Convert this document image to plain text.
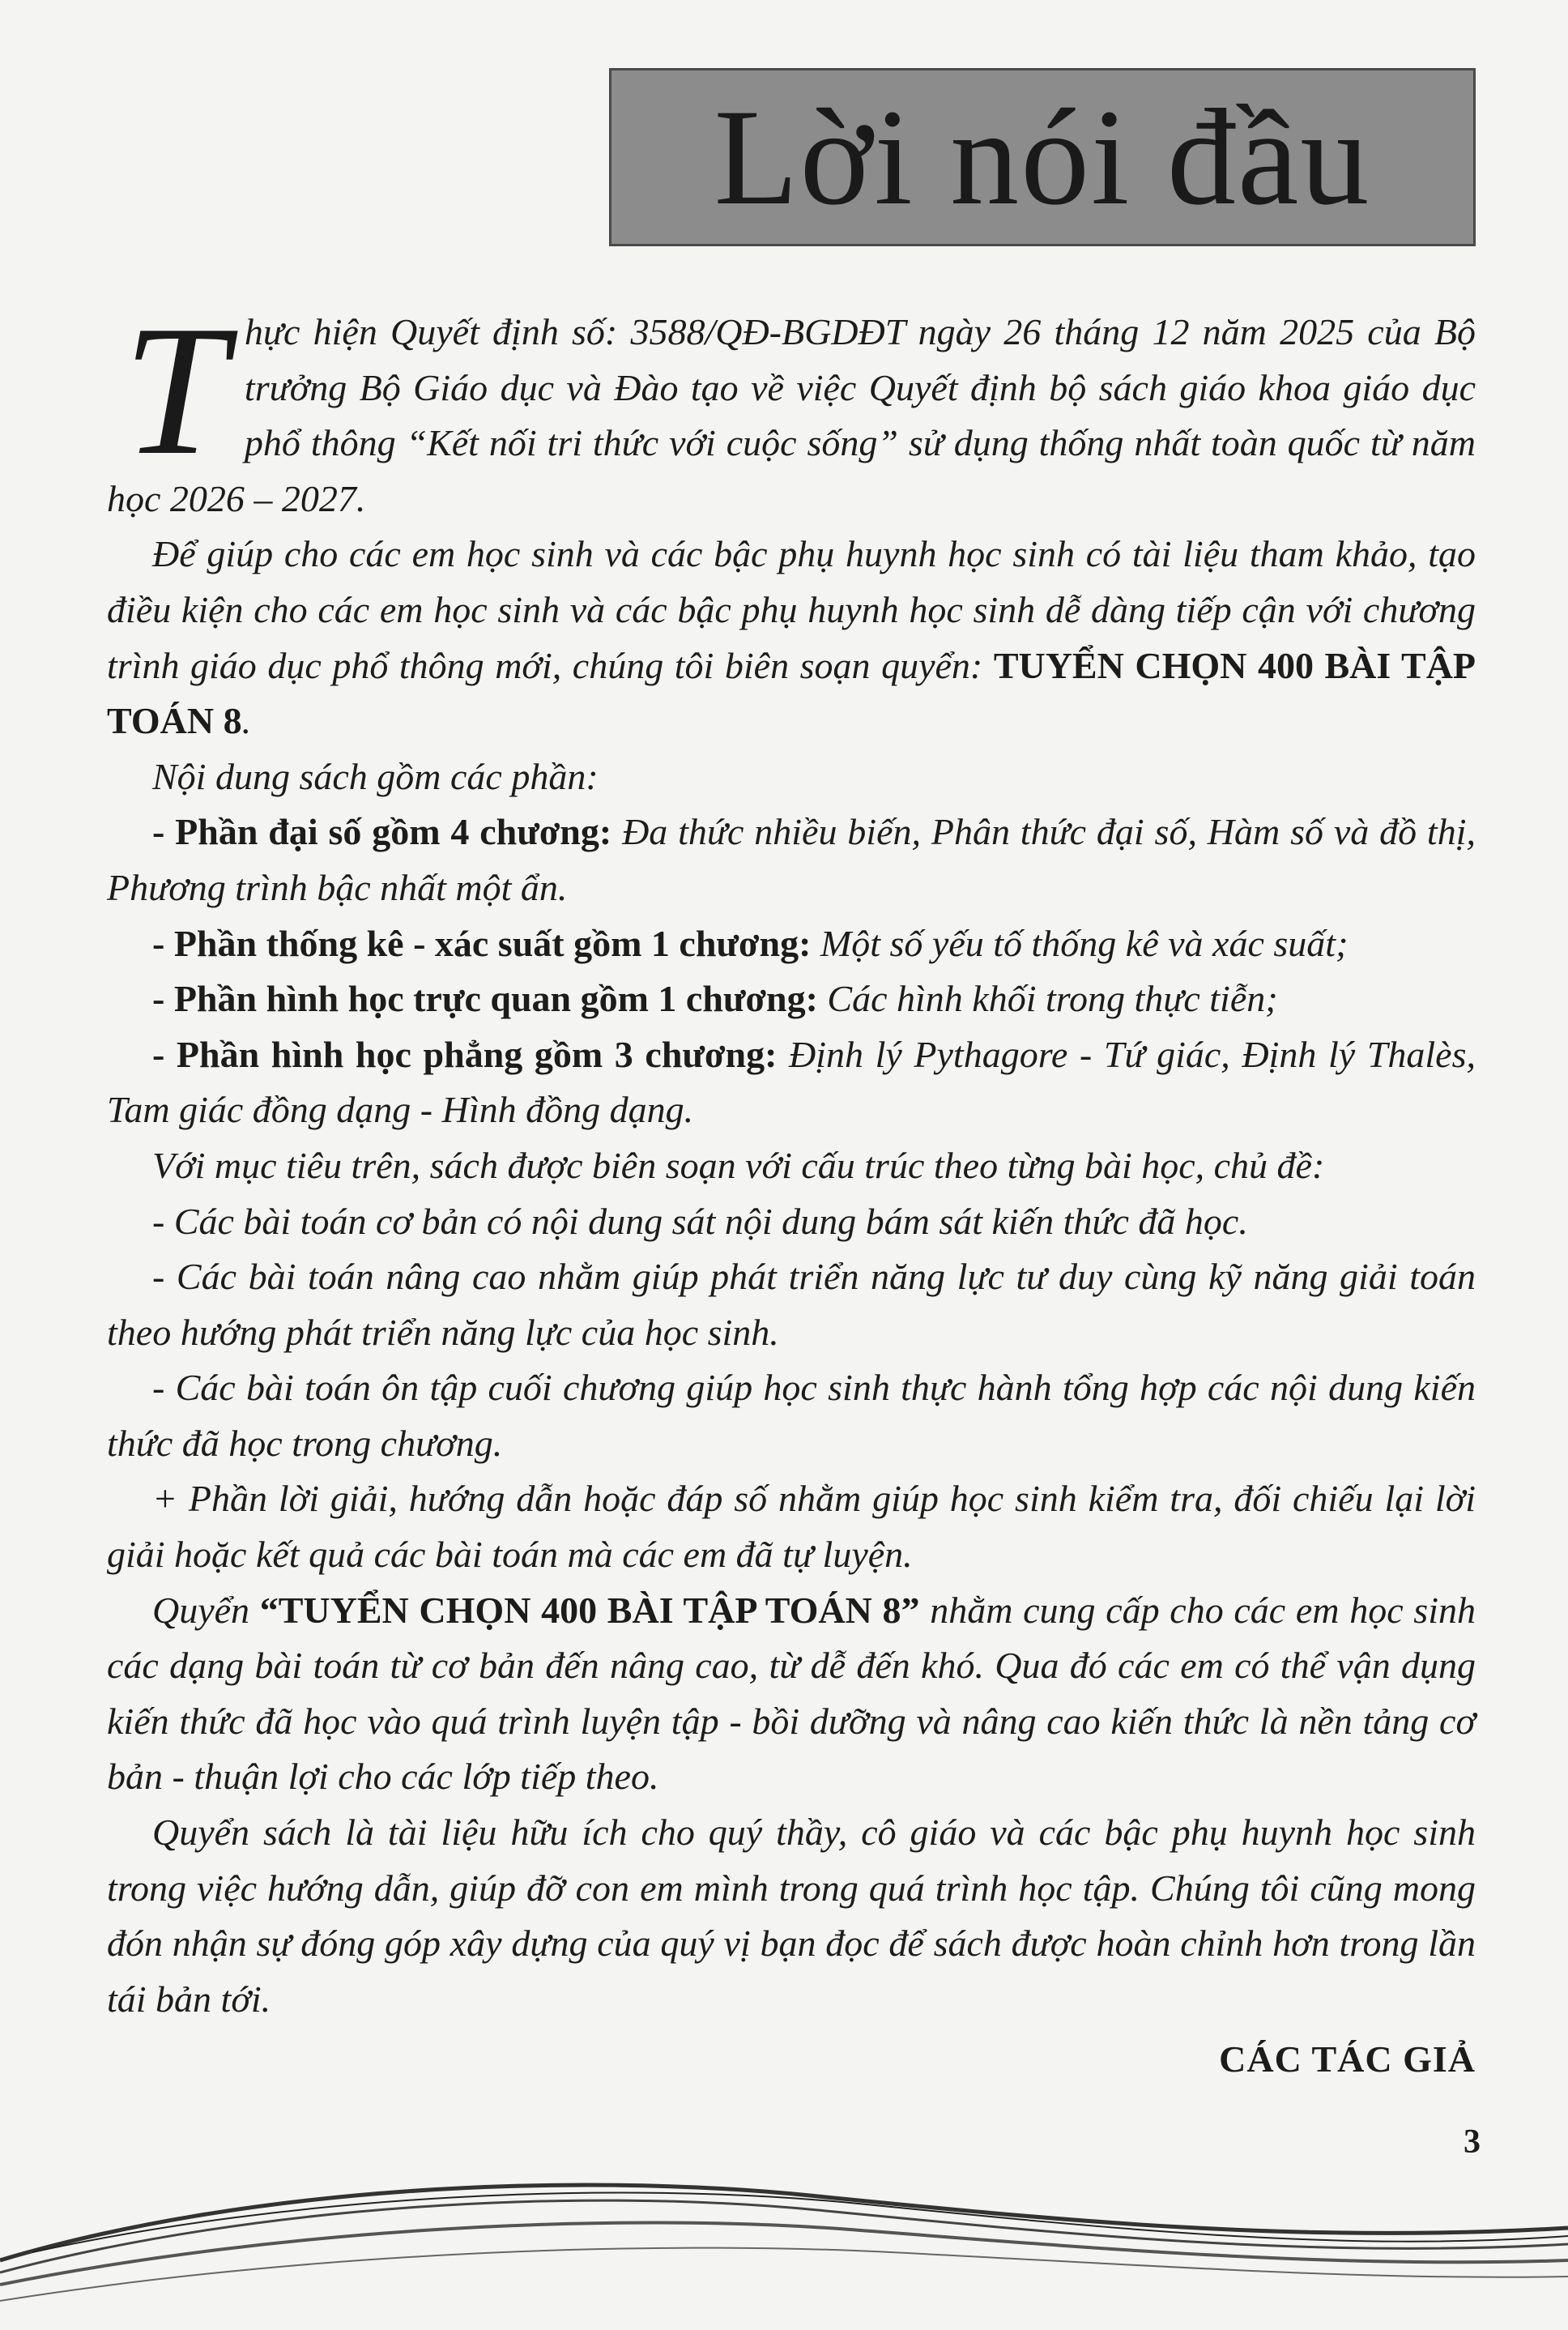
Lời nói đầu

Thực hiện Quyết định số: 3588/QĐ-BGDĐT ngày 26 tháng 12 năm 2025 của Bộ trưởng Bộ Giáo dục và Đào tạo về việc Quyết định bộ sách giáo khoa giáo dục phổ thông “Kết nối tri thức với cuộc sống” sử dụng thống nhất toàn quốc từ năm học 2026 – 2027.

Để giúp cho các em học sinh và các bậc phụ huynh học sinh có tài liệu tham khảo, tạo điều kiện cho các em học sinh và các bậc phụ huynh học sinh dễ dàng tiếp cận với chương trình giáo dục phổ thông mới, chúng tôi biên soạn quyển: TUYỂN CHỌN 400 BÀI TẬP TOÁN 8.

Nội dung sách gồm các phần:

- Phần đại số gồm 4 chương: Đa thức nhiều biến, Phân thức đại số, Hàm số và đồ thị, Phương trình bậc nhất một ẩn.

- Phần thống kê - xác suất gồm 1 chương: Một số yếu tố thống kê và xác suất;

- Phần hình học trực quan gồm 1 chương: Các hình khối trong thực tiễn;

- Phần hình học phẳng gồm 3 chương: Định lý Pythagore - Tứ giác, Định lý Thalès, Tam giác đồng dạng - Hình đồng dạng.

Với mục tiêu trên, sách được biên soạn với cấu trúc theo từng bài học, chủ đề:

- Các bài toán cơ bản có nội dung sát nội dung bám sát kiến thức đã học.

- Các bài toán nâng cao nhằm giúp phát triển năng lực tư duy cùng kỹ năng giải toán theo hướng phát triển năng lực của học sinh.

- Các bài toán ôn tập cuối chương giúp học sinh thực hành tổng hợp các nội dung kiến thức đã học trong chương.

+ Phần lời giải, hướng dẫn hoặc đáp số nhằm giúp học sinh kiểm tra, đối chiếu lại lời giải hoặc kết quả các bài toán mà các em đã tự luyện.

Quyển “TUYỂN CHỌN 400 BÀI TẬP TOÁN 8” nhằm cung cấp cho các em học sinh các dạng bài toán từ cơ bản đến nâng cao, từ dễ đến khó. Qua đó các em có thể vận dụng kiến thức đã học vào quá trình luyện tập - bồi dưỡng và nâng cao kiến thức là nền tảng cơ bản - thuận lợi cho các lớp tiếp theo.

Quyển sách là tài liệu hữu ích cho quý thầy, cô giáo và các bậc phụ huynh học sinh trong việc hướng dẫn, giúp đỡ con em mình trong quá trình học tập. Chúng tôi cũng mong đón nhận sự đóng góp xây dựng của quý vị bạn đọc để sách được hoàn chỉnh hơn trong lần tái bản tới.

CÁC TÁC GIẢ

3
